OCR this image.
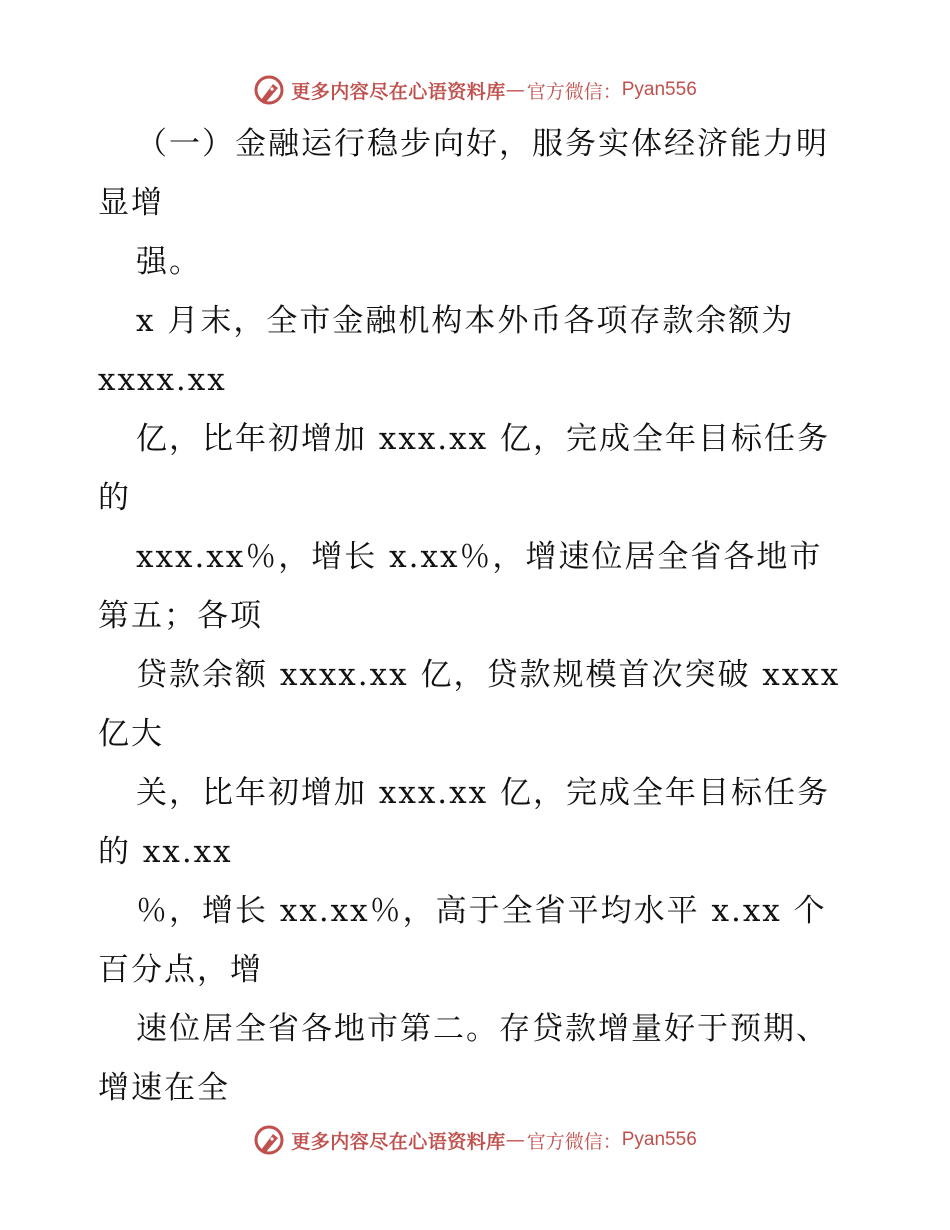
更多内容尽在心语资料库 — 官方微信： Pyan556
（一）金融运行稳步向好，服务实体经济能力明
显增
强。
x 月末，全市金融机构本外币各项存款余额为
xxxx.xx
亿，比年初增加 xxx.xx 亿，完成全年目标任务
的
xxx.xx％，增长 x.xx％，增速位居全省各地市
第五；各项
贷款余额 xxxx.xx 亿，贷款规模首次突破 xxxx
亿大
关，比年初增加 xxx.xx 亿，完成全年目标任务
的 xx.xx
％，增长 xx.xx％，高于全省平均水平 x.xx 个
百分点，增
速位居全省各地市第二。存贷款增量好于预期、
增速在全
更多内容尽在心语资料库 — 官方微信： Pyan556
